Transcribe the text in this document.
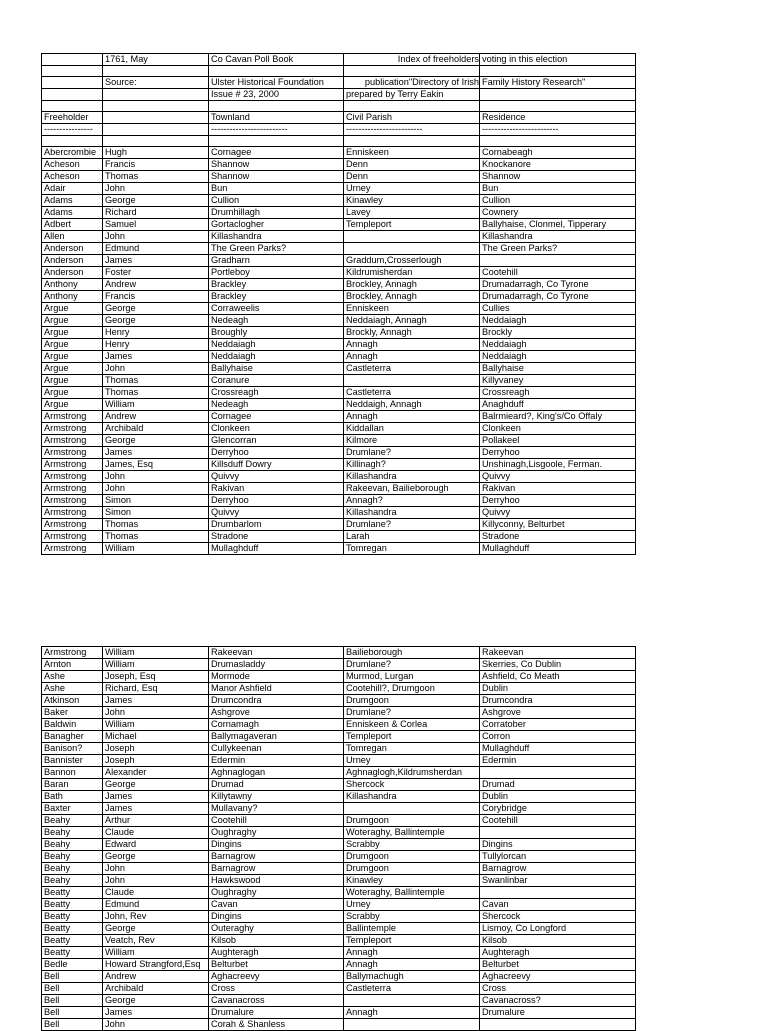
	1761, May	Co Cavan Poll Book	Index of freeholders	voting in this election

	Source:	Ulster Historical Foundation	publication"Directory of Irish	Family History Research"
		Issue # 23, 2000	prepared by Terry Eakin	

Freeholder		Townland	Civil Parish	Residence
----------------		-------------------------	-------------------------	-------------------------

Abercrombie	Hugh	Cornagee	Enniskeen	Cornabeagh
Acheson	Francis	Shannow	Denn	Knockanore
Acheson	Thomas	Shannow	Denn	Shannow
Adair	John	Bun	Urney	Bun
Adams	George	Cullion	Kinawley	Cullion
Adams	Richard	Drumhillagh	Lavey	Cownery
Adbert	Samuel	Gortaclogher	Templeport	Ballyhaise, Clonmel, Tipperary
Allen	John	Killashandra		Killashandra
Anderson	Edmund	The Green Parks?		The Green Parks?
Anderson	James	Gradharn	Graddum,Crosserlough	
Anderson	Foster	Portleboy	Kildrumisherdan	Cootehill
Anthony	Andrew	Brackley	Brockley, Annagh	Drumadarragh, Co Tyrone
Anthony	Francis	Brackley	Brockley, Annagh	Drumadarragh, Co Tyrone
Argue	George	Corraweelis	Enniskeen	Cullies
Argue	George	Nedeagh	Neddaiagh, Annagh	Neddaiagh
Argue	Henry	Broughly	Brockly, Annagh	Brockly
Argue	Henry	Neddaiagh	Annagh	Neddaiagh
Argue	James	Neddaiagh	Annagh	Neddaiagh
Argue	John	Ballyhaise	Castleterra	Ballyhaise
Argue	Thomas	Coranure		Killyvaney
Argue	Thomas	Crossreagh	Castleterra	Crossreagh
Argue	William	Nedeagh	Neddaigh, Annagh	Anaghduff
Armstrong	Andrew	Cornagee	Annagh	Balrmieard?, King's/Co Offaly
Armstrong	Archibald	Clonkeen	Kiddallan	Clonkeen
Armstrong	George	Glencorran	Kilmore	Pollakeel
Armstrong	James	Derryhoo	Drumlane?	Derryhoo
Armstrong	James, Esq	Killsduff Dowry	Killinagh?	Unshinagh,Lisgoole, Ferman.
Armstrong	John	Quivvy	Killashandra	Quivvy
Armstrong	John	Rakivan	Rakeevan, Bailieborough	Rakivan
Armstrong	Simon	Derryhoo	Annagh?	Derryhoo
Armstrong	Simon	Quivvy	Killashandra	Quivvy
Armstrong	Thomas	Drumbarlom	Drumlane?	Killyconny, Belturbet
Armstrong	Thomas	Stradone	Larah	Stradone
Armstrong	William	Mullaghduff	Tomregan	Mullaghduff
Armstrong	William	Rakeevan	Bailieborough	Rakeevan
Arnton	William	Drumasladdy	Drumlane?	Skerries, Co Dublin
Ashe	Joseph, Esq	Mormode	Murmod, Lurgan	Ashfield, Co Meath
Ashe	Richard, Esq	Manor Ashfield	Cootehill?, Drumgoon	Dublin
Atkinson	James	Drumcondra	Drumgoon	Drumcondra
Baker	John	Ashgrove	Drumlane?	Ashgrove
Baldwin	William	Cornamagh	Enniskeen & Corlea	Corratober
Banagher	Michael	Ballymagaveran	Templeport	Corron
Banison?	Joseph	Cullykeenan	Tomregan	Mullaghduff
Bannister	Joseph	Edermin	Urney	Edermin
Bannon	Alexander	Aghnaglogan	Aghnaglogh,Kildrumsherdan	
Baran	George	Drumad	Shercock	Drumad
Bath	James	Killytawny	Killashandra	Dublin
Baxter	James	Mullavany?		Corybridge
Beahy	Arthur	Cootehill	Drumgoon	Cootehill
Beahy	Claude	Oughraghy	Woteraghy, Ballintemple	
Beahy	Edward	Dingins	Scrabby	Dingins
Beahy	George	Barnagrow	Drumgoon	Tullylorcan
Beahy	John	Barnagrow	Drumgoon	Barnagrow
Beahy	John	Hawkswood	Kinawley	Swanlinbar
Beatty	Claude	Oughraghy	Woteraghy, Ballintemple	
Beatty	Edmund	Cavan	Urney	Cavan
Beatty	John, Rev	Dingins	Scrabby	Shercock
Beatty	George	Outeraghy	Ballintemple	Lismoy, Co Longford
Beatty	Veatch, Rev	Kilsob	Templeport	Kilsob
Beatty	William	Aughteragh	Annagh	Aughteragh
Bedle	Howard Strangford,Esq	Belturbet	Annagh	Belturbet
Bell	Andrew	Aghacreevy	Ballymachugh	Aghacreevy
Bell	Archibald	Cross	Castleterra	Cross
Bell	George	Cavanacross		Cavanacross?
Bell	James	Drumalure	Annagh	Drumalure
Bell	John	Corah & Shanless		
